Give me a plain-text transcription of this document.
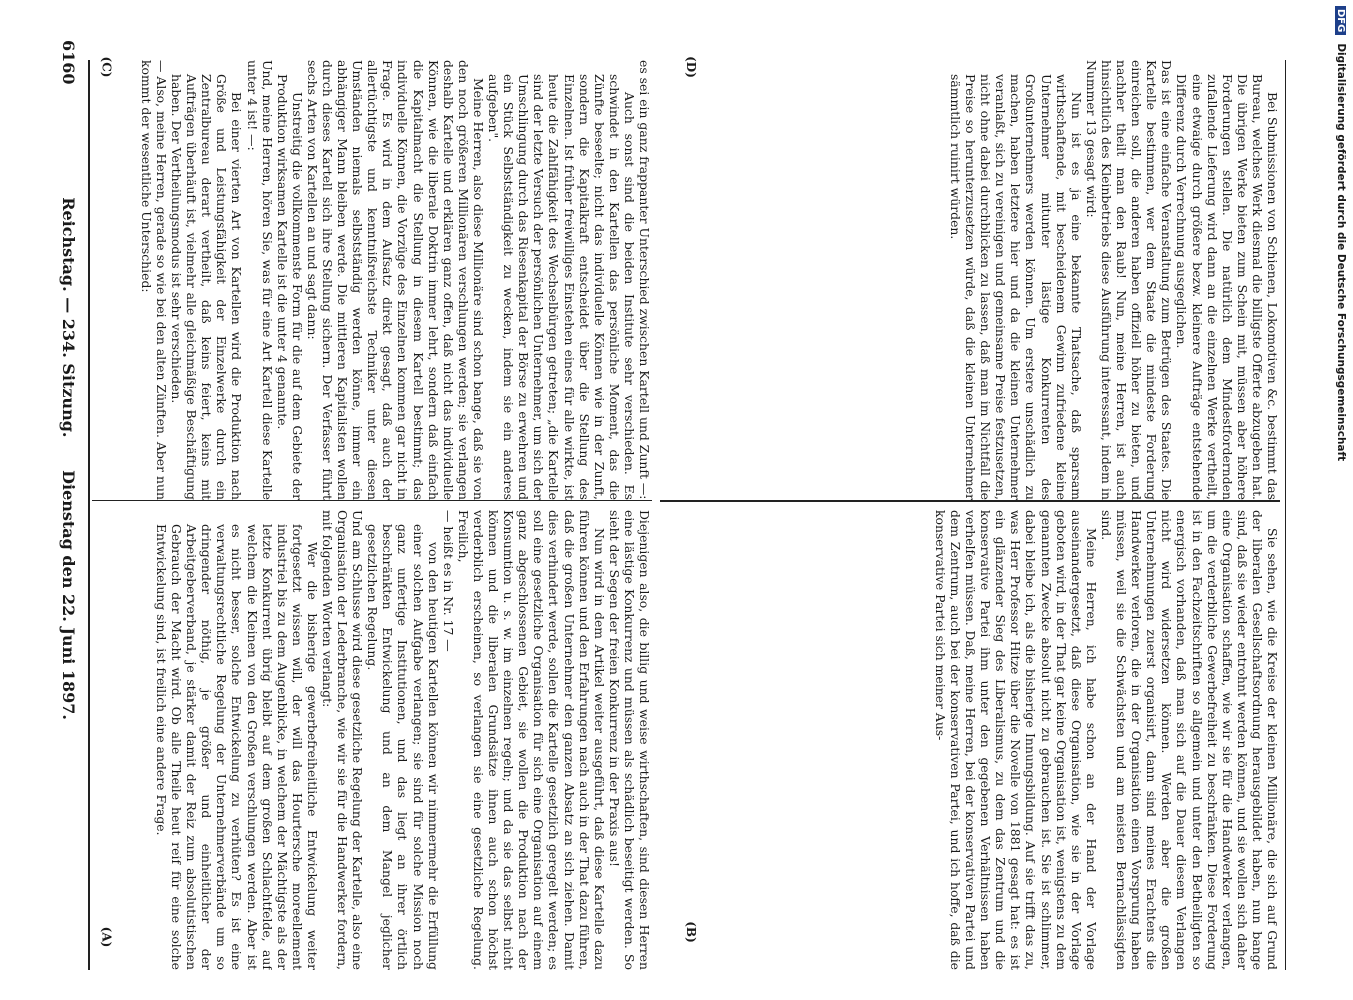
6160
Reichstag. — 234. Sitzung.
Dienstag den 22. Juni 1897.

es sei ein ganz frappanter Unterschied zwischen Kartell und Zunft —:

Auch sonst sind die beiden Institute sehr verschieden. Es schwindet in den Kartellen das persönliche Moment, das die Zünfte beseelte; nicht das individuelle Können wie in der Zunft, sondern die Kapitalkraft entscheidet über die Stellung des Einzelnen. Ist früher freiwilliges Einstehen eines für alle wirkte, ist heute die Zahlfähigkeit des Wechselbürgen getreten; „die Kartelle sind der letzte Versuch der persönlichen Unternehmer, um sich der Umschlingung durch das Riesenkapital der Börse zu erwehren und ein Stück Selbstständigkeit zu wecken, indem sie ein anderes aufgeben".

Meine Herren, also diese Millionäre sind schon bange, daß sie von den noch größeren Millionären verschlungen werden; sie verlangen deshalb Kartelle und erklären ganz offen, daß nicht das individuelle Können, wie die liberale Doktrin immer lehrt, sondern daß einfach die Kapitalmacht die Stellung in diesem Kartell bestimmt; das individuelle Können, die Vorzüge des Einzelnen kommen gar nicht in Frage. Es wird in dem Aufsatz direkt gesagt, daß auch der allertüchtigste und kenntnißreichste Techniker unter diesen Umständen niemals selbstständig werden könne, immer ein abhängiger Mann bleiben werde. Die mittleren Kapitalisten wollen durch dieses Kartell sich ihre Stellung sichern. Der Verfasser führt sechs Arten von Kartellen an und sagt dann:

Unstreitig die vollkommenste Form für die auf dem Gebiete der Produktion wirksamen Kartelle ist die unter 4 genannte.

Und, meine Herren, hören Sie, was für eine Art Kartell diese Kartelle unter 4 ist! —:

Bei einer vierten Art von Kartellen wird die Produktion nach Größe und Leistungsfähigkeit der Einzelwerke durch ein Zentralbureau derart vertheilt, daß keins feiert, keins mit Aufträgen überhäuft ist, vielmehr alle gleichmäßige Beschäftigung haben. Der Vertheilungsmodus ist sehr verschieden.

— Also, meine Herren, gerade so wie bei den alten Zünften. Aber nun kommt der wesentliche Unterschied:

Diejenigen also, die billig und weise wirthschaften, sind diesen Herren eine lästige Konkurrenz und müssen als schädlich beseitigt werden. So sieht der Segen der freien Konkurrenz in der Praxis aus!

Nun wird in dem Artikel weiter ausgeführt, daß diese Kartelle dazu führen können und den Erfahrungen nach auch in der That dazu führen, daß die großen Unternehmer den ganzen Absatz an sich ziehen. Damit dies verhindert werde, sollen die Kartelle gesetzlich geregelt werden; es soll eine gesetzliche Organisation für sich eine Organisation auf einem ganz abgeschlossenen Gebiet, sie wollen die Produktion nach der Konsumtion u. s. w. im einzelnen regeln; und da sie das selbst nicht können und die liberalen Grundsätze ihnen auch schon höchst verderblich erscheinen, so verlangen sie eine gesetzliche Regelung. Freilich,

— heißt es in Nr. 17 —

von den heutigen Kartellen können wir nimmermehr die Erfüllung einer solchen Aufgabe verlangen; sie sind für solche Mission noch ganz unfertige Institutionen, und das liegt an ihrer örtlich beschränkten Entwickelung und an dem Mangel jeglicher gesetzlichen Regelung.

Und am Schlusse wird diese gesetzliche Regelung der Kartelle, also eine Organisation der Lederbranche, wie wir sie für die Handwerker fordern, mit folgenden Worten verlangt:

Wer die bisherige gewerbefreiheitliche Entwickelung weiter fortgesetzt wissen will, der will das Hourtersche moreellement industriel bis zu dem Augenblicke, in welchem der Mächtigste als der letzte Konkurrent übrig bleibt auf dem großen Schlachtfelde, auf welchem die Kleinen von den Großen verschlungen werden. Aber ist es nicht besser, solche Entwickelung zu verhüten? Es ist eine verwaltungsrechtliche Regelung der Unternehmerverbände um so dringender nöthig, je größer und einheitlicher der Arbeitgeberverband, je stärker damit der Reiz zum absolutistischen Gebrauch der Macht wird. Ob alle Theile heut reif für eine solche Entwickelung sind, ist freilich eine andere Frage.

Bei Submissionen von Schienen, Lokomotiven &c. bestimmt das Bureau, welches Werk diesmal die billigste Offerte abzugeben hat. Die übrigen Werke bieten zum Schein mit, müssen aber höhere Forderungen stellen. Die natürlich dem Mindestfordernden zufallende Lieferung wird dann an die einzelnen Werke vertheilt, eine etwaige durch größere bezw. kleinere Aufträge entstehende Differenz durch Verrechnung ausgeglichen.

Das ist eine einfache Veranstaltung zum Betrügen des Staates. Die Kartelle bestimmen, wer dem Staate die mindeste Forderung einreichen soll, die anderen haben offiziell höher zu bieten, und nachher theilt man den Raub! Nun, meine Herren, ist auch hinsichtlich des Kleinbetriebs diese Ausführung interessant, indem in Nummer 13 gesagt wird:

Nun ist es ja eine bekannte Thatsache, daß sparsam wirthschaftende, mit bescheidenem Gewinn zufriedene kleine Unternehmer mitunter lästige Konkurrenten des Großunternehmers werden können. Um erstere unschädlich zu machen, haben letztere hier und da die kleinen Unternehmer veranlaßt, sich zu vereinigen und gemeinsame Preise festzusetzen, nicht ohne dabei durchblicken zu lassen, daß man im Nichtfall die Preise so herunterzusetzen würde, daß die kleinen Unternehmer sämmtlich ruinirt würden.

Sie sehen, wie die Kreise der kleinen Millionäre, die sich auf Grund der liberalen Gesellschaftsordnung herausgebildet haben, nun bange sind, daß sie wieder entrohnt werden können, und sie wollen sich daher eine Organisation schaffen, wie wir sie für die Handwerker verlangen, um die verderbliche Gewerbefreiheit zu beschränken. Diese Forderung ist in den Fachzeitschriften so allgemein und unter den Betheiligten so energisch vorhanden, daß man sich auf die Dauer diesem Verlangen nicht wird widersetzen können. Werden aber die großen Unternehmungen zuerst organisirt, dann sind meines Erachtens die Handwerker verloren, die in der Organisation einen Vorsprung haben müssen, weil sie die Schwächsten und am meisten Bernachlässigten sind.

Meine Herren, ich habe schon an der Hand der Vorlage auseinandergesetzt, daß diese Organisation, wie sie in der Vorlage geboten wird, in der That gar keine Organisation ist, wenigstens zu dem genannten Zwecke absolut nicht zu gebrauchen ist. Sie ist schlimmer, dabei bleibe ich, als die bisherige Innungsbildung. Auf sie trifft das zu, was Herr Professor Hitze über die Novelle von 1881 gesagt hat: es ist ein glänzender Sieg des Liberalismus, zu dem das Zentrum und die konservative Partei ihm unter den gegebenen Verhältnissen haben verhelfen müssen. Daß, meine Herren, bei der konservativen Partei und dem Zentrum, auch bei der konservativen Partei, und ich hoffe, daß die konservative Partei sich meiner Aus-

(A)	(B)
(C)	(D)
DFG
Digitalisierung gefördert durch die Deutsche Forschungsgemeinschaft
